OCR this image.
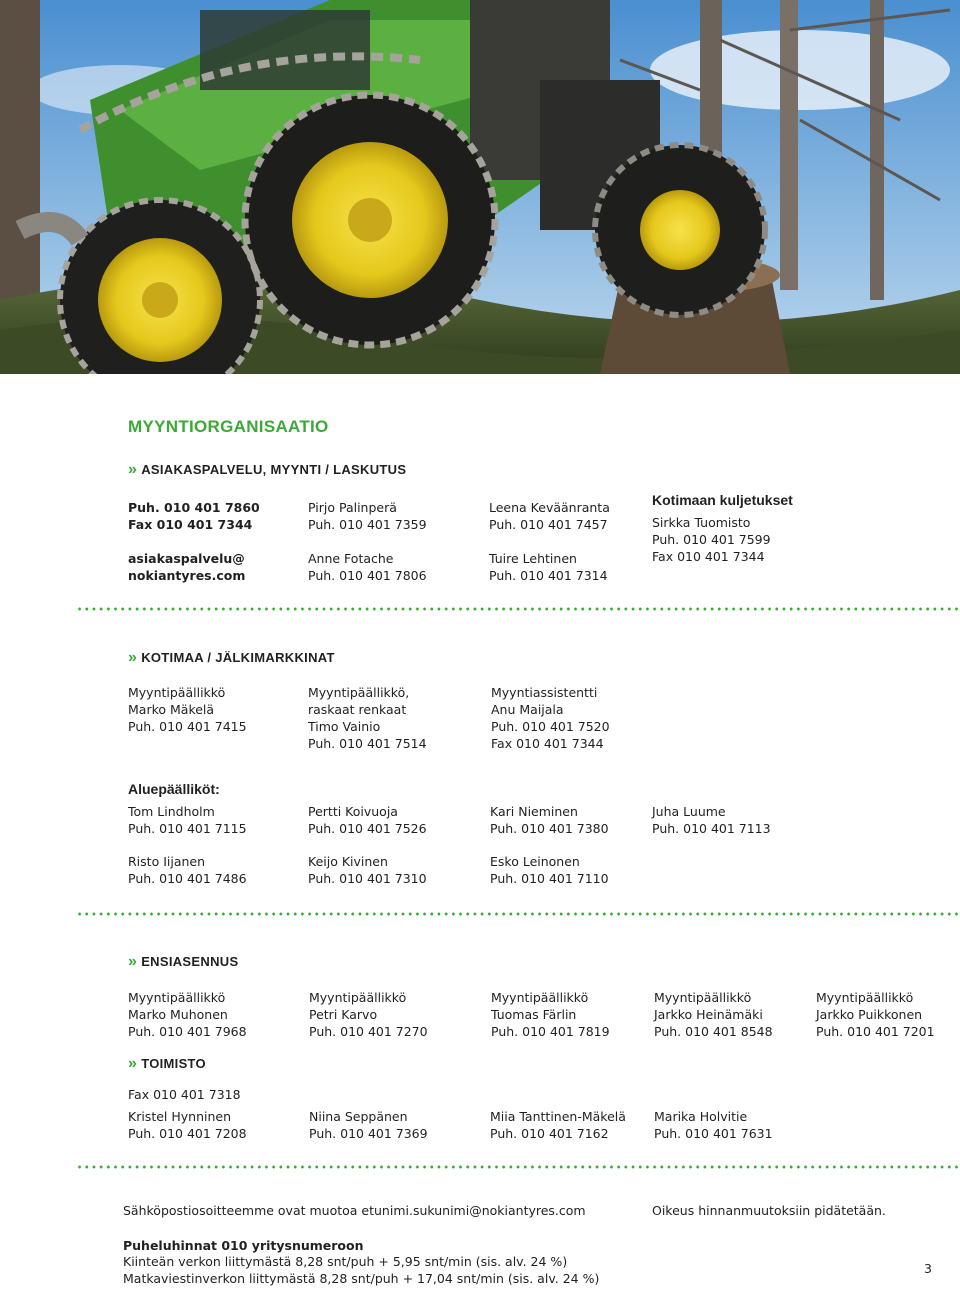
MYYNTIORGANISAATIO
» ASIAKASPALVELU, MYYNTI / LASKUTUS
Puh. 010 401 7860
Fax 010 401 7344
asiakaspalvelu@
nokiantyres.com
Pirjo Palinperä
Puh. 010 401 7359
Anne Fotache
Puh. 010 401 7806
Leena Keväänranta
Puh. 010 401 7457
Tuire Lehtinen
Puh. 010 401 7314
Kotimaan kuljetukset
Sirkka Tuomisto
Puh. 010 401 7599
Fax 010 401 7344
» KOTIMAA / JÄLKIMARKKINAT
Myyntipäällikkö
Marko Mäkelä
Puh. 010 401 7415
Myyntipäällikkö,
raskaat renkaat
Timo Vainio
Puh. 010 401 7514
Myyntiassistentti
Anu Maijala
Puh. 010 401 7520
Fax 010 401 7344
Aluepäälliköt:
Tom Lindholm
Puh. 010 401 7115
Pertti Koivuoja
Puh. 010 401 7526
Kari Nieminen
Puh. 010 401 7380
Juha Luume
Puh. 010 401 7113
Risto Iijanen
Puh. 010 401 7486
Keijo Kivinen
Puh. 010 401 7310
Esko Leinonen
Puh. 010 401 7110
» ENSIASENNUS
Myyntipäällikkö
Marko Muhonen
Puh. 010 401 7968
Myyntipäällikkö
Petri Karvo
Puh. 010 401 7270
Myyntipäällikkö
Tuomas Färlin
Puh. 010 401 7819
Myyntipäällikkö
Jarkko Heinämäki
Puh. 010 401 8548
Myyntipäällikkö
Jarkko Puikkonen
Puh. 010 401 7201
» TOIMISTO
Fax 010 401 7318
Kristel Hynninen
Puh. 010 401 7208
Niina Seppänen
Puh. 010 401 7369
Miia Tanttinen-Mäkelä
Puh. 010 401 7162
Marika Holvitie
Puh. 010 401 7631
Sähköpostiosoitteemme ovat muotoa etunimi.sukunimi@nokiantyres.com	Oikeus hinnanmuutoksiin pidätetään.
Puheluhinnat 010 yritysnumeroon
Kiinteän verkon liittymästä 8,28 snt/puh + 5,95 snt/min (sis. alv. 24 %)
Matkaviestinverkon liittymästä 8,28 snt/puh + 17,04 snt/min (sis. alv. 24 %)
3
